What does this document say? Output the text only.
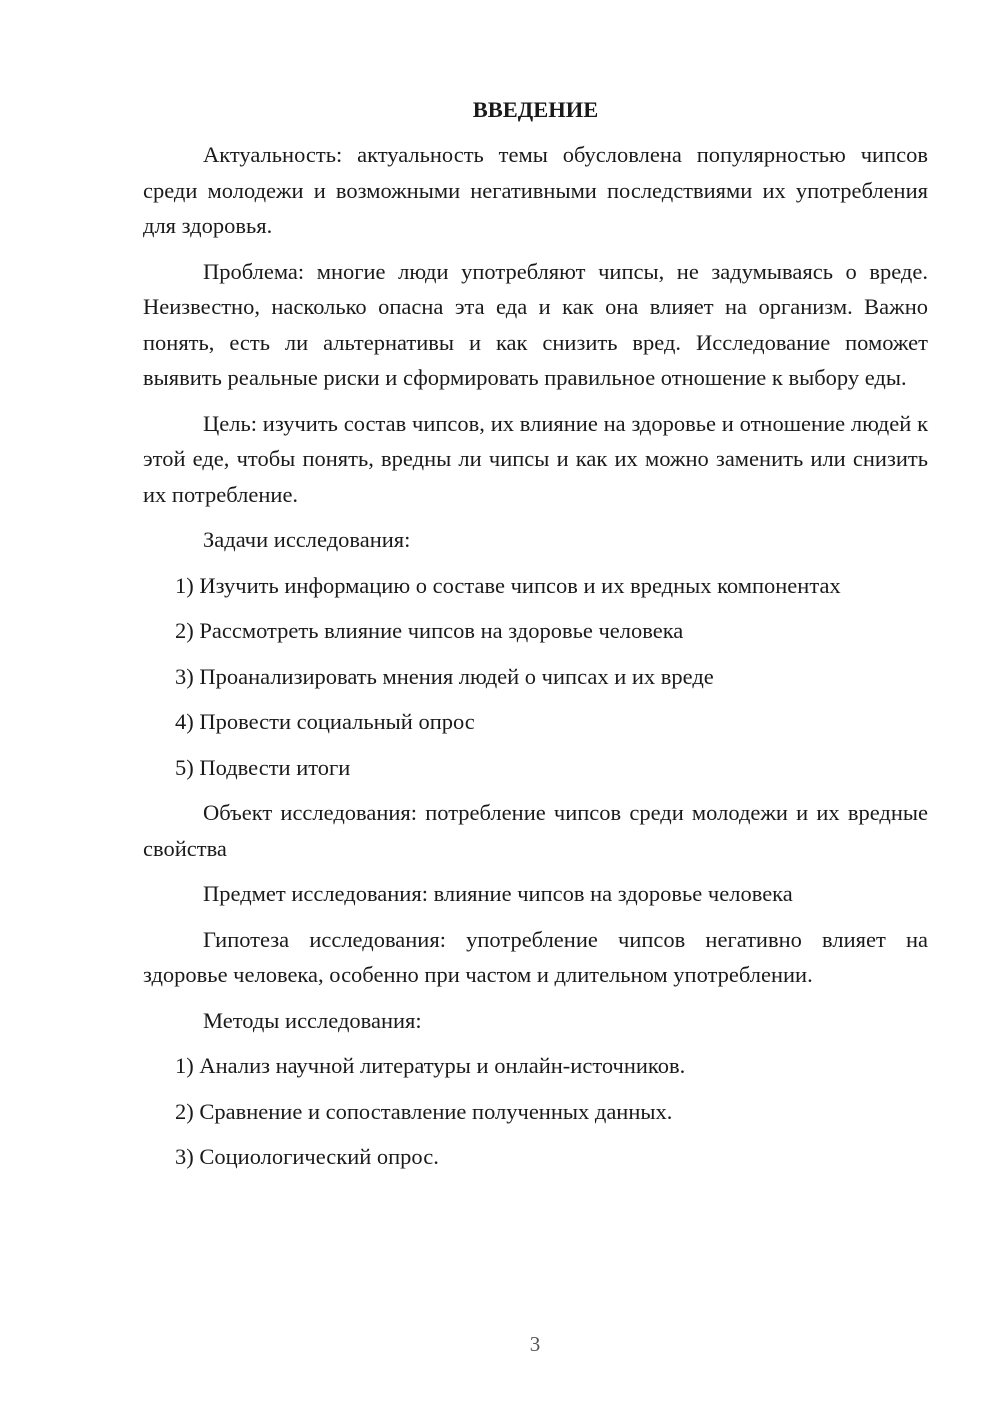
ВВЕДЕНИЕ

Актуальность: актуальность темы обусловлена популярностью чипсов среди молодежи и возможными негативными последствиями их употребления для здоровья.

Проблема: многие люди употребляют чипсы, не задумываясь о вреде. Неизвестно, насколько опасна эта еда и как она влияет на организм. Важно понять, есть ли альтернативы и как снизить вред. Исследование поможет выявить реальные риски и сформировать правильное отношение к выбору еды.

Цель: изучить состав чипсов, их влияние на здоровье и отношение людей к этой еде, чтобы понять, вредны ли чипсы и как их можно заменить или снизить их потребление.

Задачи исследования:

1) Изучить информацию о составе чипсов и их вредных компонентах
2) Рассмотреть влияние чипсов на здоровье человека
3) Проанализировать мнения людей о чипсах и их вреде
4) Провести социальный опрос
5) Подвести итоги

Объект исследования: потребление чипсов среди молодежи и их вредные свойства

Предмет исследования: влияние чипсов на здоровье человека

Гипотеза исследования: употребление чипсов негативно влияет на здоровье человека, особенно при частом и длительном употреблении.

Методы исследования:

1) Анализ научной литературы и онлайн-источников.
2) Сравнение и сопоставление полученных данных.
3) Социологический опрос.
3
